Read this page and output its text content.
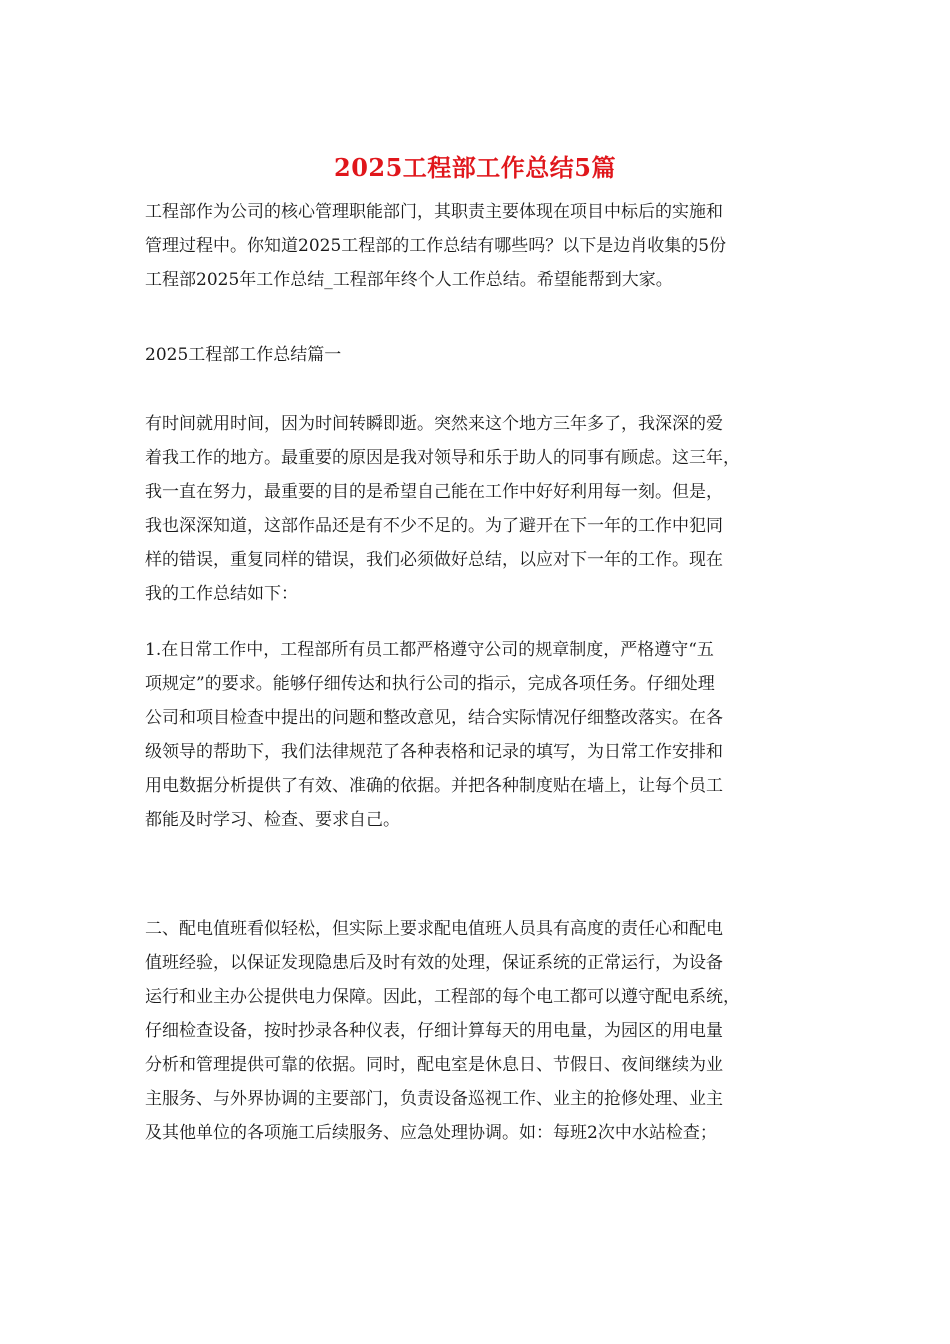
2025工程部工作总结5篇
工程部作为公司的核心管理职能部门，其职责主要体现在项目中标后的实施和
管理过程中。你知道2025工程部的工作总结有哪些吗？以下是边肖收集的5份
工程部2025年工作总结_工程部年终个人工作总结。希望能帮到大家。
2025工程部工作总结篇一
有时间就用时间，因为时间转瞬即逝。突然来这个地方三年多了，我深深的爱
着我工作的地方。最重要的原因是我对领导和乐于助人的同事有顾虑。这三年，
我一直在努力，最重要的目的是希望自己能在工作中好好利用每一刻。但是，
我也深深知道，这部作品还是有不少不足的。为了避开在下一年的工作中犯同
样的错误，重复同样的错误，我们必须做好总结，以应对下一年的工作。现在
我的工作总结如下：
1.在日常工作中，工程部所有员工都严格遵守公司的规章制度，严格遵守“五
项规定”的要求。能够仔细传达和执行公司的指示，完成各项任务。仔细处理
公司和项目检查中提出的问题和整改意见，结合实际情况仔细整改落实。在各
级领导的帮助下，我们法律规范了各种表格和记录的填写，为日常工作安排和
用电数据分析提供了有效、准确的依据。并把各种制度贴在墙上，让每个员工
都能及时学习、检查、要求自己。
二、配电值班看似轻松，但实际上要求配电值班人员具有高度的责任心和配电
值班经验，以保证发现隐患后及时有效的处理，保证系统的正常运行，为设备
运行和业主办公提供电力保障。因此，工程部的每个电工都可以遵守配电系统，
仔细检查设备，按时抄录各种仪表，仔细计算每天的用电量，为园区的用电量
分析和管理提供可靠的依据。同时，配电室是休息日、节假日、夜间继续为业
主服务、与外界协调的主要部门，负责设备巡视工作、业主的抢修处理、业主
及其他单位的各项施工后续服务、应急处理协调。如：每班2次中水站检查；
